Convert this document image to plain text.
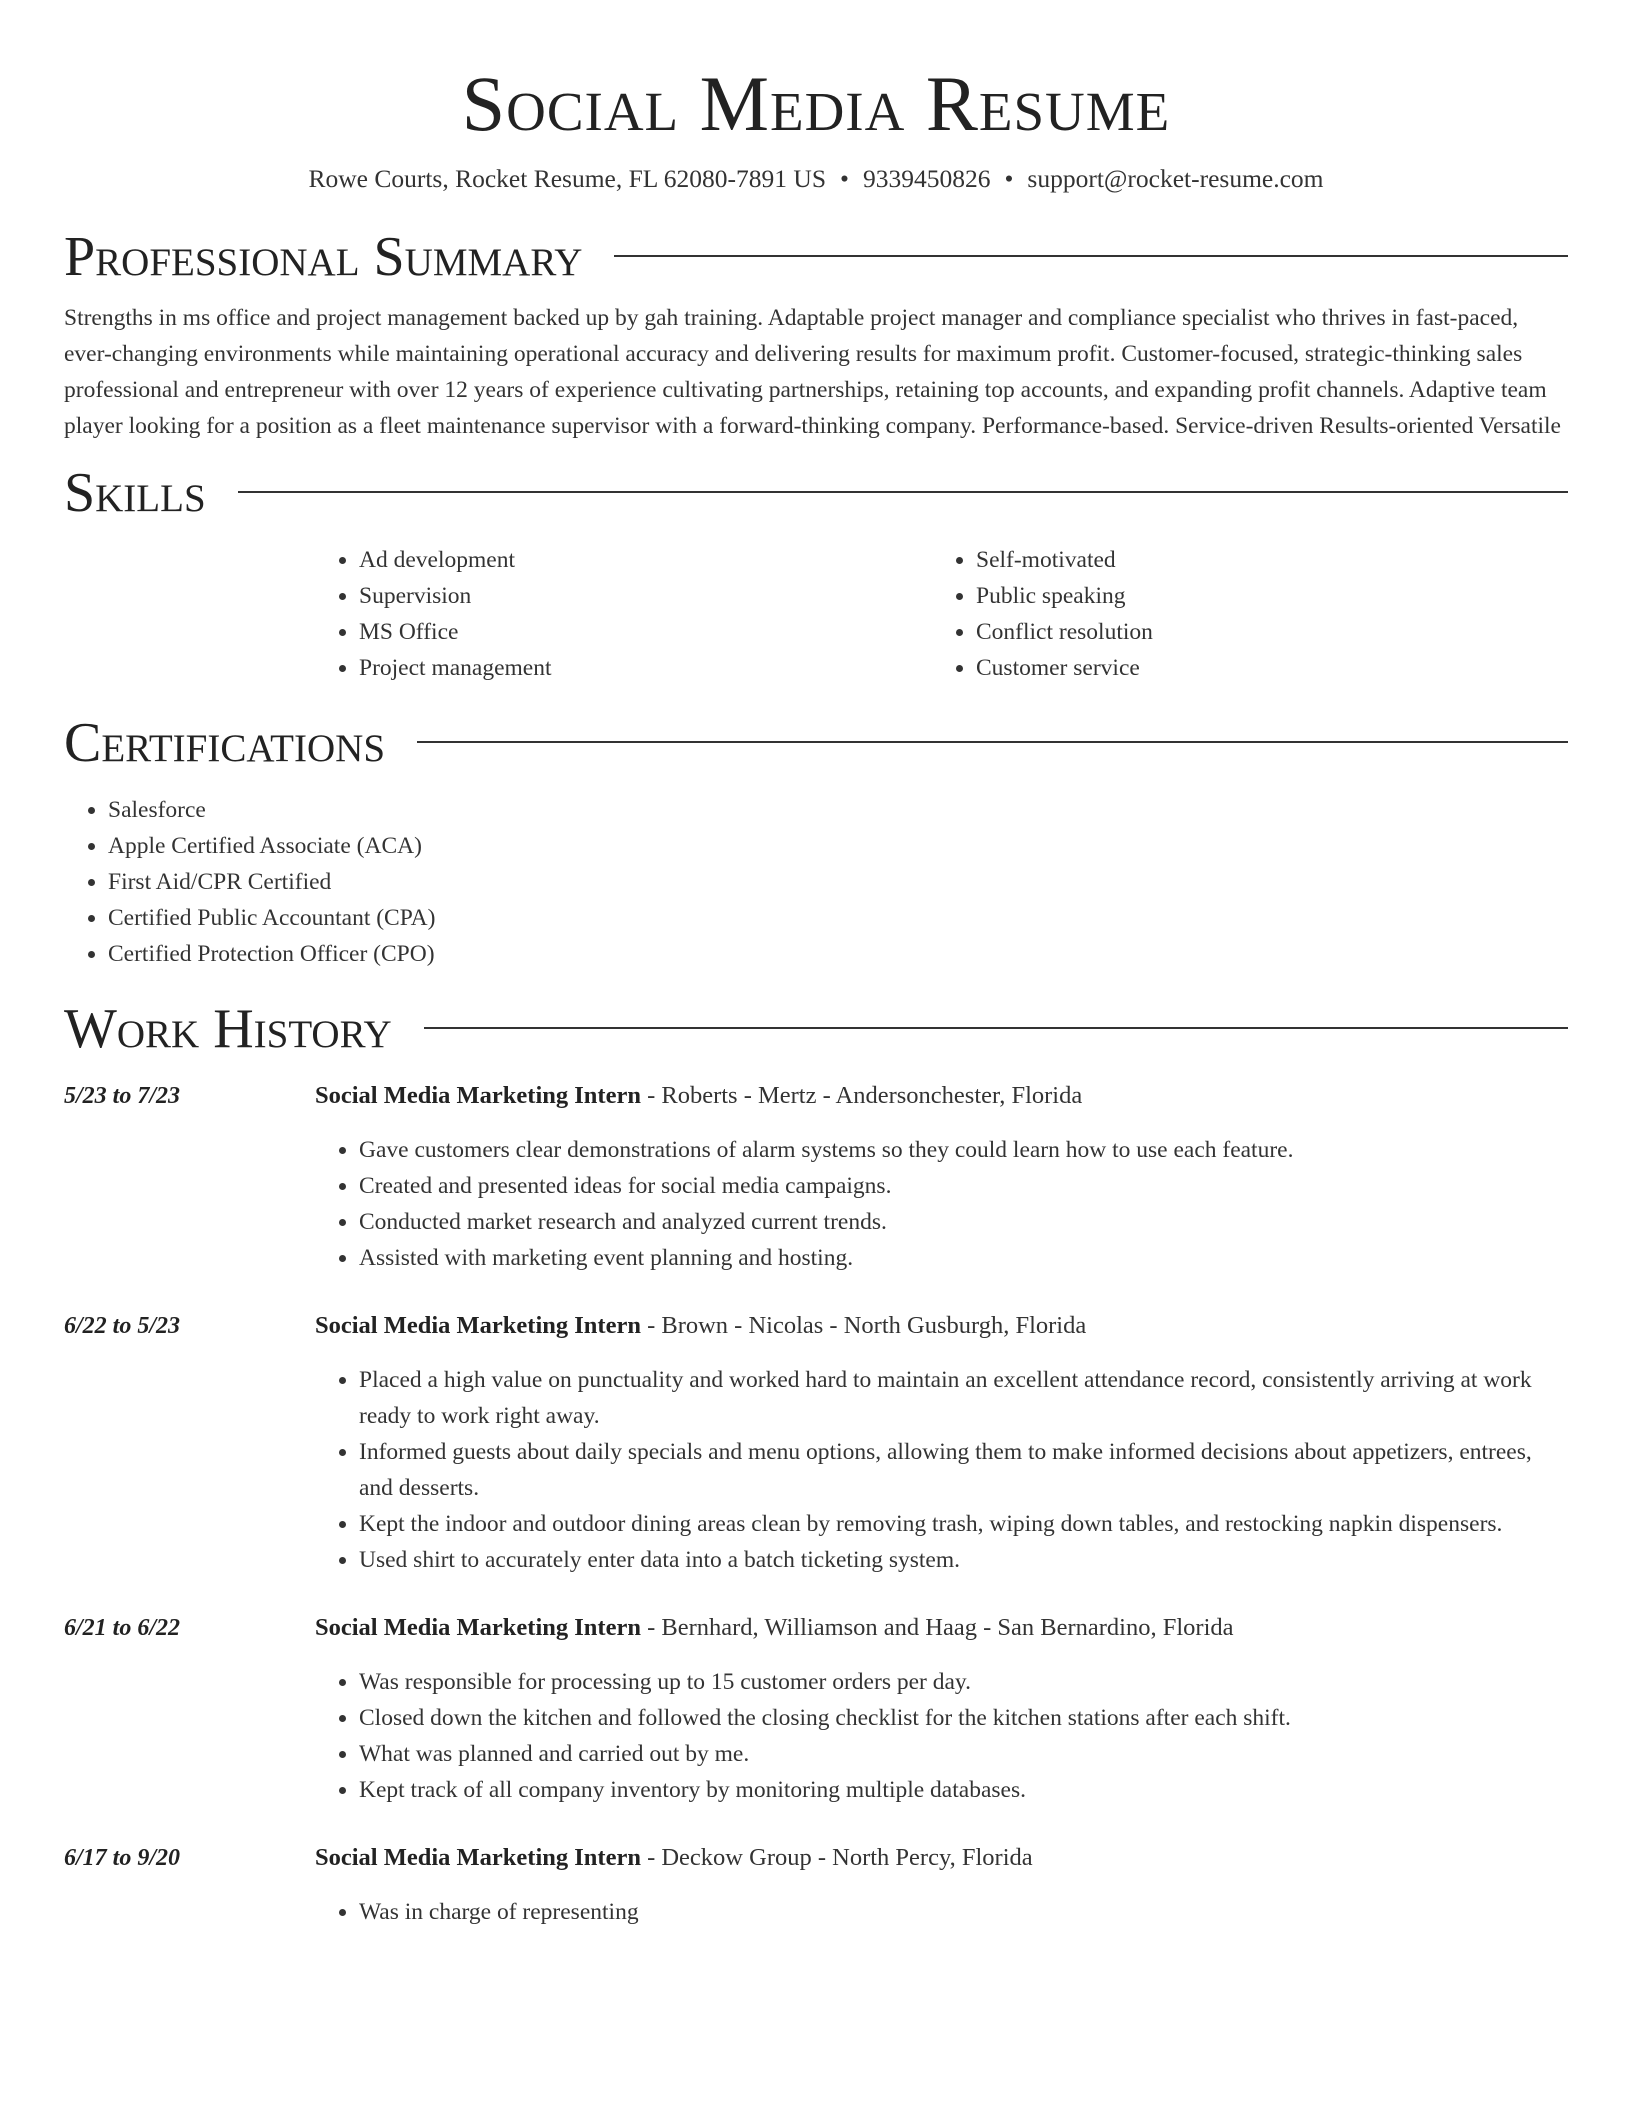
Social Media Resume
Rowe Courts, Rocket Resume, FL 62080-7891 US • 9339450826 • support@rocket-resume.com
Professional Summary

Strengths in ms office and project management backed up by gah training. Adaptable project manager and compliance specialist who thrives in fast-paced, ever-changing environments while maintaining operational accuracy and delivering results for maximum profit. Customer-focused, strategic-thinking sales professional and entrepreneur with over 12 years of experience cultivating partnerships, retaining top accounts, and expanding profit channels. Adaptive team player looking for a position as a fleet maintenance supervisor with a forward-thinking company. Performance-based. Service-driven Results-oriented Versatile

Skills
• Ad development
• Supervision
• MS Office
• Project management
• Self-motivated
• Public speaking
• Conflict resolution
• Customer service
Certifications
• Salesforce
• Apple Certified Associate (ACA)
• First Aid/CPR Certified
• Certified Public Accountant (CPA)
• Certified Protection Officer (CPO)
Work History
5/23 to 7/23	Social Media Marketing Intern - Roberts - Mertz - Andersonchester, Florida
• Gave customers clear demonstrations of alarm systems so they could learn how to use each feature.
• Created and presented ideas for social media campaigns.
• Conducted market research and analyzed current trends.
• Assisted with marketing event planning and hosting.
6/22 to 5/23	Social Media Marketing Intern - Brown - Nicolas - North Gusburgh, Florida
• Placed a high value on punctuality and worked hard to maintain an excellent attendance record, consistently arriving at work ready to work right away.
• Informed guests about daily specials and menu options, allowing them to make informed decisions about appetizers, entrees, and desserts.
• Kept the indoor and outdoor dining areas clean by removing trash, wiping down tables, and restocking napkin dispensers.
• Used shirt to accurately enter data into a batch ticketing system.
6/21 to 6/22	Social Media Marketing Intern - Bernhard, Williamson and Haag - San Bernardino, Florida
• Was responsible for processing up to 15 customer orders per day.
• Closed down the kitchen and followed the closing checklist for the kitchen stations after each shift.
• What was planned and carried out by me.
• Kept track of all company inventory by monitoring multiple databases.
6/17 to 9/20	Social Media Marketing Intern - Deckow Group - North Percy, Florida
• Was in charge of representing
